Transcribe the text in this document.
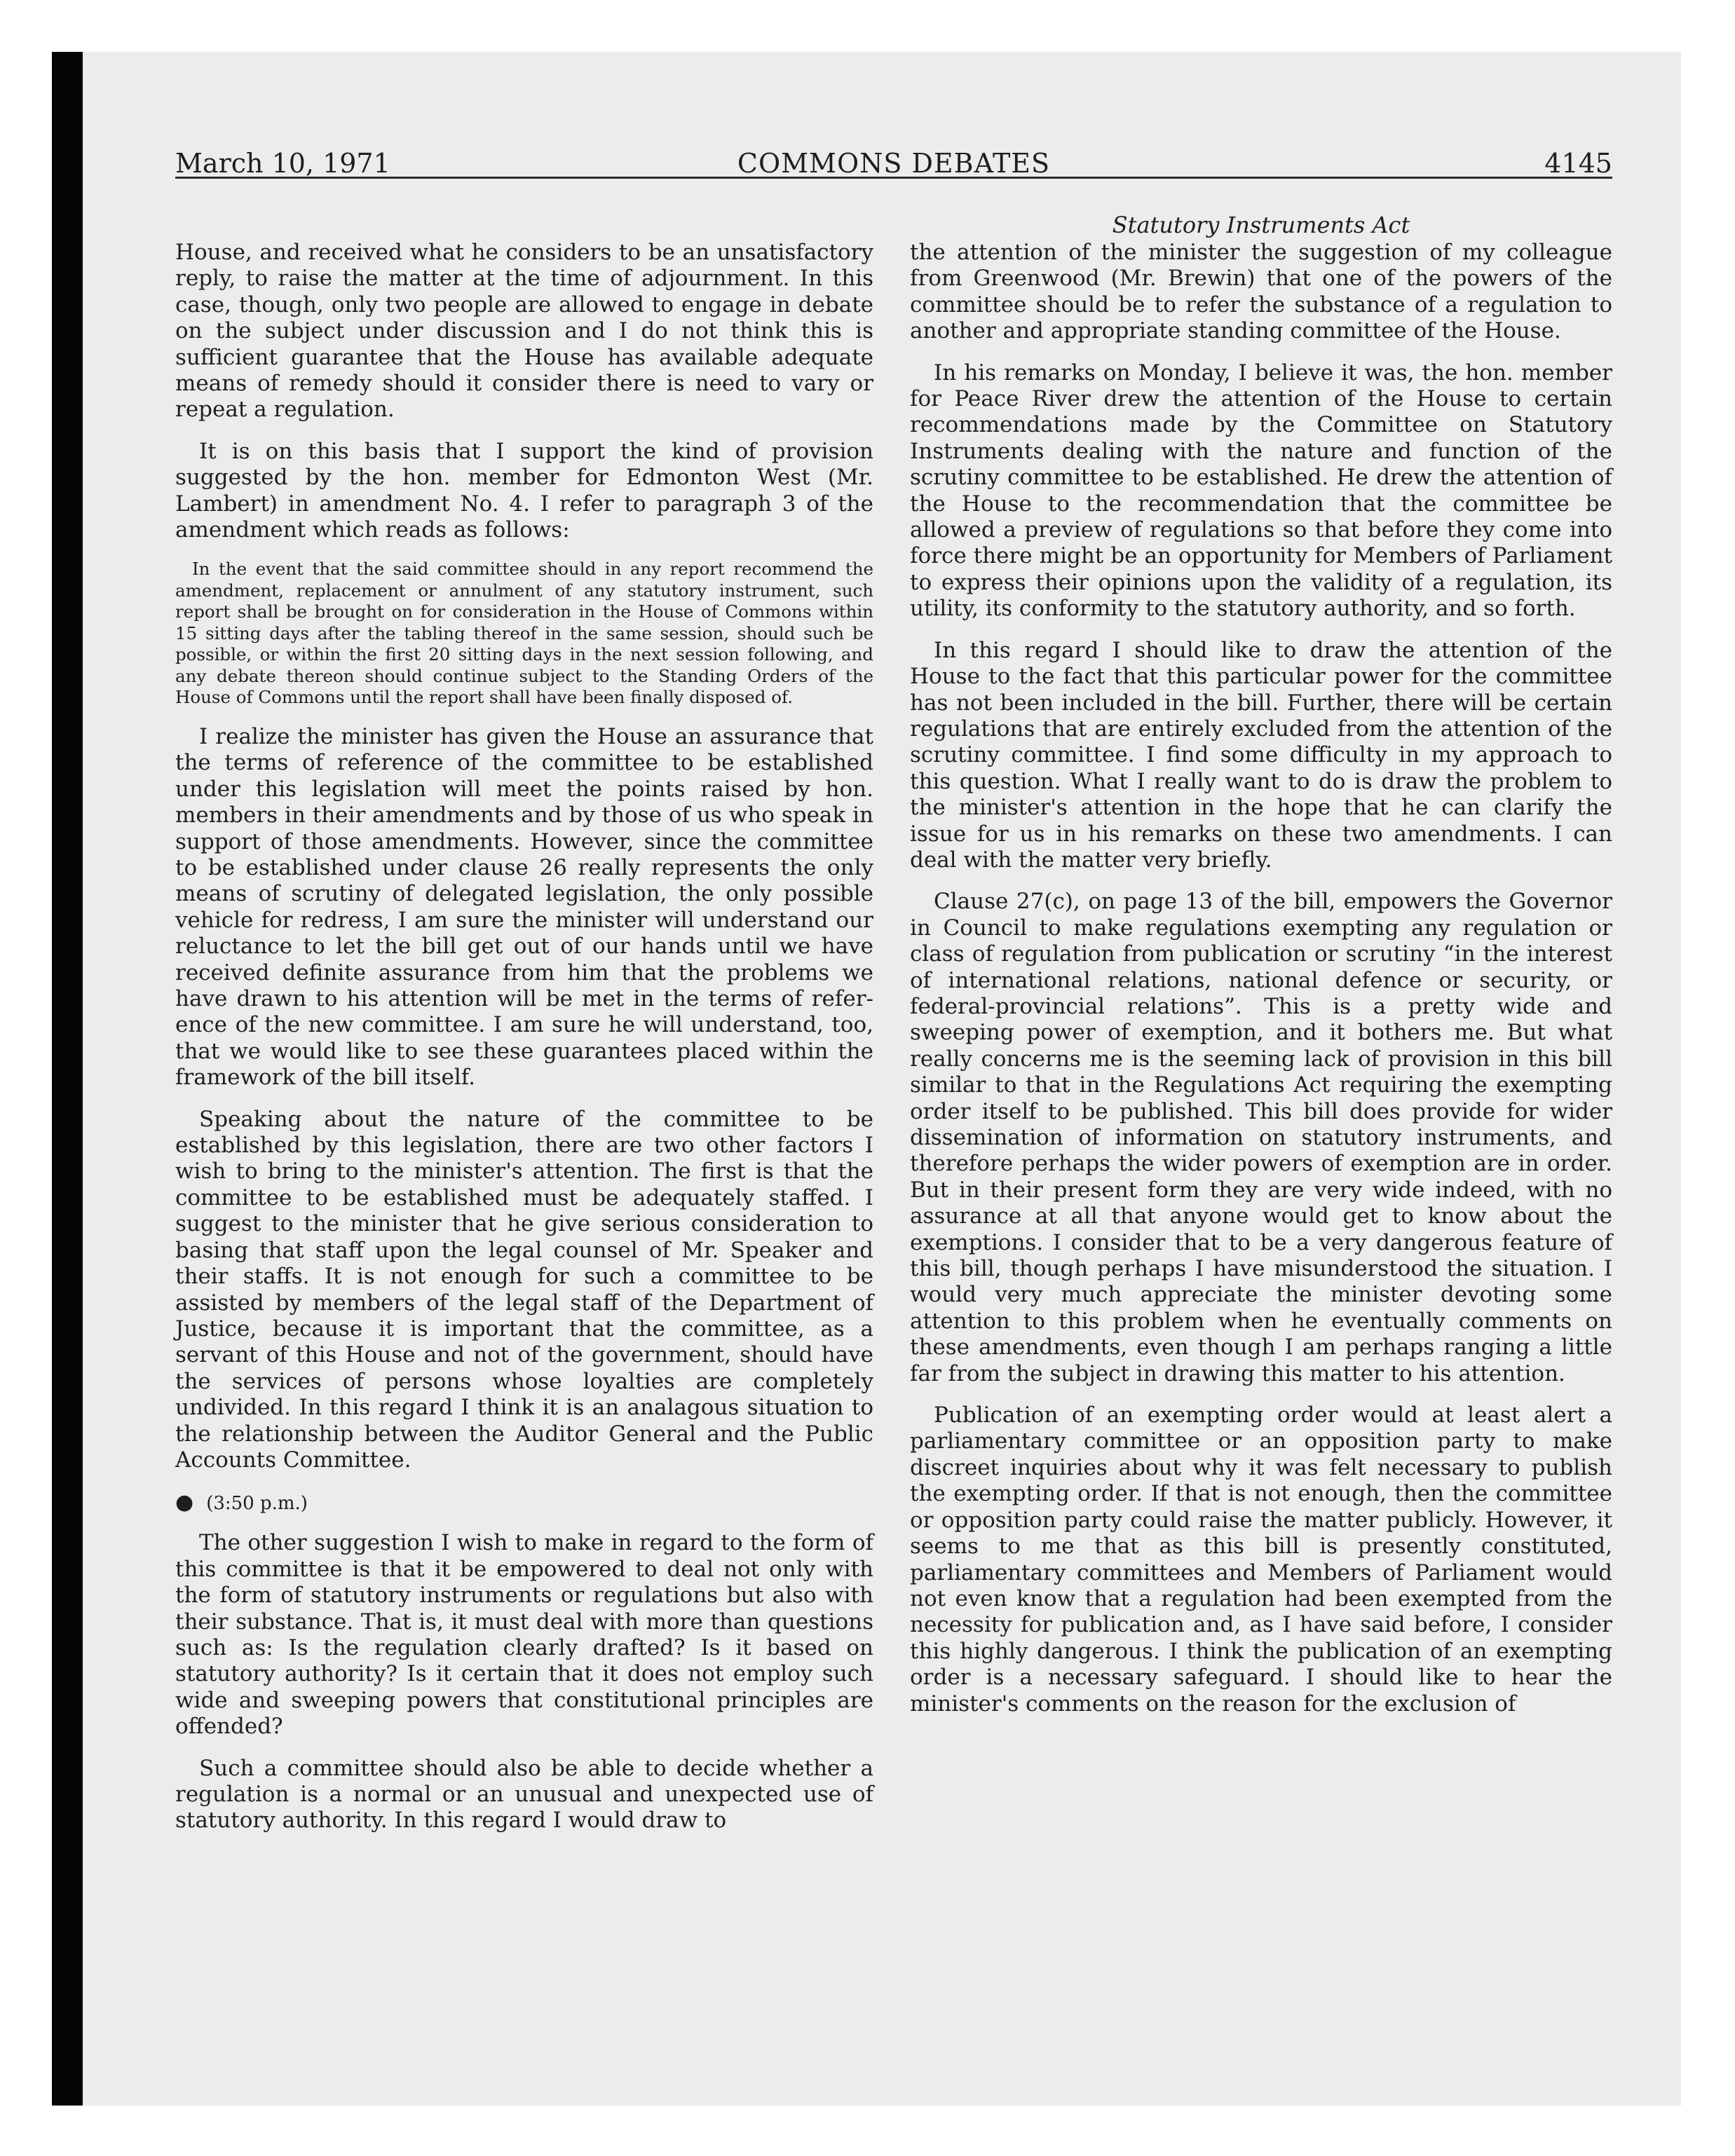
March 10, 1971	COMMONS DEBATES	4145
Statutory Instruments Act

House, and received what he considers to be an unsatisfactory reply, to raise the matter at the time of adjournment. In this case, though, only two people are allowed to engage in debate on the subject under discussion and I do not think this is sufficient guarantee that the House has available adequate means of remedy should it consider there is need to vary or repeat a regulation.

It is on this basis that I support the kind of provision suggested by the hon. member for Edmonton West (Mr. Lambert) in amendment No. 4. I refer to paragraph 3 of the amendment which reads as follows:

In the event that the said committee should in any report recommend the amendment, replacement or annulment of any statutory instrument, such report shall be brought on for consideration in the House of Commons within 15 sitting days after the tabling thereof in the same session, should such be possible, or within the first 20 sitting days in the next session following, and any debate thereon should continue subject to the Standing Orders of the House of Commons until the report shall have been finally disposed of.

I realize the minister has given the House an assurance that the terms of reference of the committee to be established under this legislation will meet the points raised by hon. members in their amendments and by those of us who speak in support of those amendments. However, since the committee to be established under clause 26 really represents the only means of scrutiny of delegated legislation, the only possible vehicle for redress, I am sure the minister will understand our reluctance to let the bill get out of our hands until we have received definite assurance from him that the problems we have drawn to his attention will be met in the terms of reference of the new committee. I am sure he will understand, too, that we would like to see these guarantees placed within the framework of the bill itself.

Speaking about the nature of the committee to be established by this legislation, there are two other factors I wish to bring to the minister's attention. The first is that the committee to be established must be adequately staffed. I suggest to the minister that he give serious consideration to basing that staff upon the legal counsel of Mr. Speaker and their staffs. It is not enough for such a committee to be assisted by members of the legal staff of the Department of Justice, because it is important that the committee, as a servant of this House and not of the government, should have the services of persons whose loyalties are completely undivided. In this regard I think it is an analagous situation to the relationship between the Auditor General and the Public Accounts Committee.

● (3:50 p.m.)

The other suggestion I wish to make in regard to the form of this committee is that it be empowered to deal not only with the form of statutory instruments or regulations but also with their substance. That is, it must deal with more than questions such as: Is the regulation clearly drafted? Is it based on statutory authority? Is it certain that it does not employ such wide and sweeping powers that constitutional principles are offended?

Such a committee should also be able to decide whether a regulation is a normal or an unusual and unexpected use of statutory authority. In this regard I would draw to

the attention of the minister the suggestion of my colleague from Greenwood (Mr. Brewin) that one of the powers of the committee should be to refer the substance of a regulation to another and appropriate standing committee of the House.

In his remarks on Monday, I believe it was, the hon. member for Peace River drew the attention of the House to certain recommendations made by the Committee on Statutory Instruments dealing with the nature and function of the scrutiny committee to be established. He drew the attention of the House to the recommendation that the committee be allowed a preview of regulations so that before they come into force there might be an opportunity for Members of Parliament to express their opinions upon the validity of a regulation, its utility, its conformity to the statutory authority, and so forth.

In this regard I should like to draw the attention of the House to the fact that this particular power for the committee has not been included in the bill. Further, there will be certain regulations that are entirely excluded from the attention of the scrutiny committee. I find some difficulty in my approach to this question. What I really want to do is draw the problem to the minister's attention in the hope that he can clarify the issue for us in his remarks on these two amendments. I can deal with the matter very briefly.

Clause 27(c), on page 13 of the bill, empowers the Governor in Council to make regulations exempting any regulation or class of regulation from publication or scrutiny “in the interest of international relations, national defence or security, or federal-provincial relations”. This is a pretty wide and sweeping power of exemption, and it bothers me. But what really concerns me is the seeming lack of provision in this bill similar to that in the Regulations Act requiring the exempting order itself to be published. This bill does provide for wider dissemination of information on statutory instruments, and therefore perhaps the wider powers of exemption are in order. But in their present form they are very wide indeed, with no assurance at all that anyone would get to know about the exemptions. I consider that to be a very dangerous feature of this bill, though perhaps I have misunderstood the situation. I would very much appreciate the minister devoting some attention to this problem when he eventually comments on these amendments, even though I am perhaps ranging a little far from the subject in drawing this matter to his attention.

Publication of an exempting order would at least alert a parliamentary committee or an opposition party to make discreet inquiries about why it was felt necessary to publish the exempting order. If that is not enough, then the committee or opposition party could raise the matter publicly. However, it seems to me that as this bill is presently constituted, parliamentary committees and Members of Parliament would not even know that a regulation had been exempted from the necessity for publication and, as I have said before, I consider this highly dangerous. I think the publication of an exempting order is a necessary safeguard. I should like to hear the minister's comments on the reason for the exclusion of
